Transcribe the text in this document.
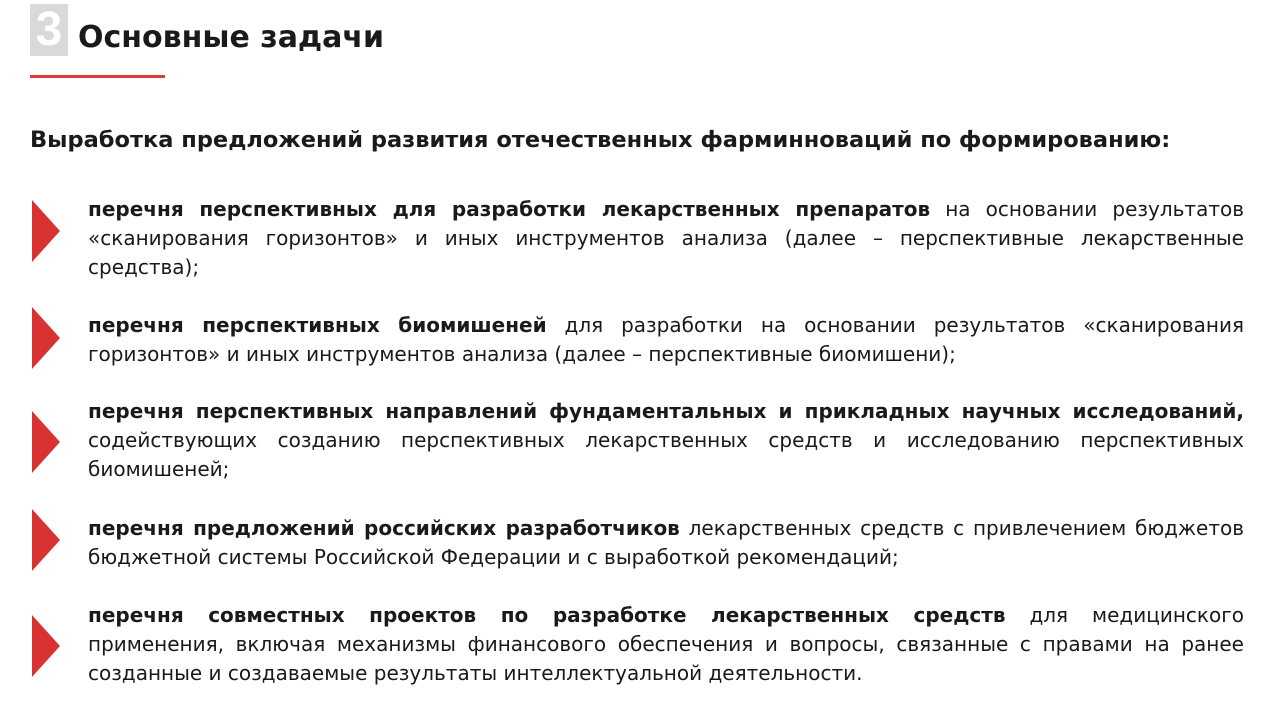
3 Основные задачи
Выработка предложений развития отечественных фарминноваций по формированию:
перечня перспективных для разработки лекарственных препаратов на основании результатов «сканирования горизонтов» и иных инструментов анализа (далее – перспективные лекарственные средства);
перечня перспективных биомишеней для разработки на основании результатов «сканирования горизонтов» и иных инструментов анализа (далее – перспективные биомишени);
перечня перспективных направлений фундаментальных и прикладных научных исследований, содействующих созданию перспективных лекарственных средств и исследованию перспективных биомишеней;
перечня предложений российских разработчиков лекарственных средств с привлечением бюджетов бюджетной системы Российской Федерации и с выработкой рекомендаций;
перечня совместных проектов по разработке лекарственных средств для медицинского применения, включая механизмы финансового обеспечения и вопросы, связанные с правами на ранее созданные и создаваемые результаты интеллектуальной деятельности.
